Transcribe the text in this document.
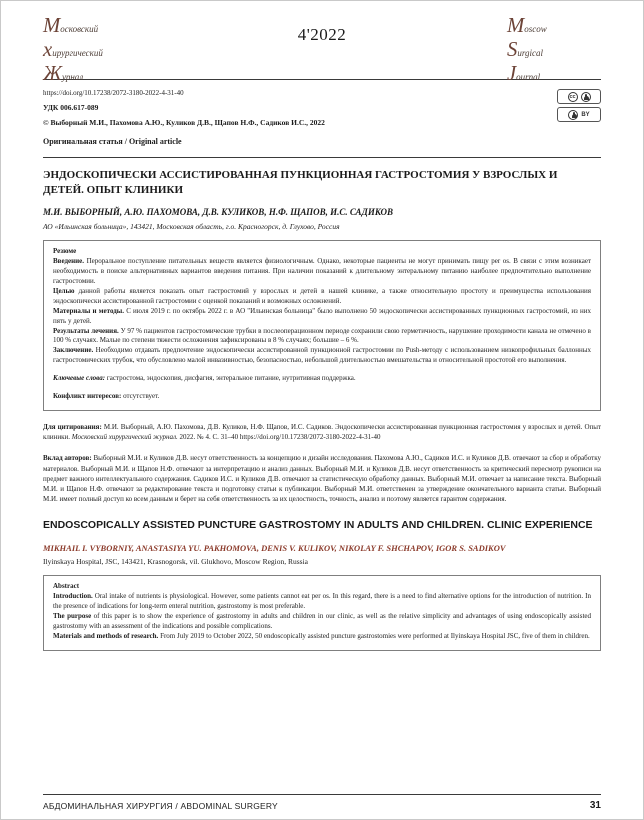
Московский
хирургический
Журнал
4'2022	Moscow
Surgical
Journal
https://doi.org/10.17238/2072-3180-2022-4-31-40
УДК 006.617-089
© Выборный М.И., Пахомова А.Ю., Куликов Д.В., Щапов Н.Ф., Садиков И.С., 2022
Оригинальная статья / Original article
cc
BY
ЭНДОСКОПИЧЕСКИ АССИСТИРОВАННАЯ ПУНКЦИОННАЯ ГАСТРОСТОМИЯ У ВЗРОСЛЫХ И ДЕТЕЙ. ОПЫТ КЛИНИКИ
М.И. ВЫБОРНЫЙ, А.Ю. ПАХОМОВА, Д.В. КУЛИКОВ, Н.Ф. ЩАПОВ, И.С. САДИКОВ
АО «Ильинская больница», 143421, Московская область, г.о. Красногорск, д. Глухово, Россия

Резюме

Введение. Пероральное поступление питательных веществ является физиологичным. Однако, некоторые пациенты не могут принимать пищу per os. В связи с этим возникает необходимость в поиске альтернативных вариантов введения питания. При наличии показаний к длительному энтеральному питанию наиболее предпочтительно выполнение гастростомии.

Целью данной работы является показать опыт гастростомий у взрослых и детей в нашей клинике, а также относительную простоту и преимущества использования эндоскопически ассистированной гастростомии с оценкой показаний и возможных осложнений.

Материалы и методы. С июля 2019 г. по октябрь 2022 г. в АО "Ильинская больница" было выполнено 50 эндоскопически ассистированных пункционных гастростомий, из них пять у детей.

Результаты лечения. У 97 % пациентов гастростомические трубки в послеоперационном периоде сохранили свою герметичность, нарушение проходимости канала не отмечено в 100 % случаях. Малые по степени тяжести осложнения зафиксированы в 8 % случаях; большие – 6 %.

Заключение. Необходимо отдавать предпочтение эндоскопически ассистированной пункционной гастростомии по Push-методу с использованием низкопрофильных баллонных гастростомических трубок, что обусловлено малой инвазивностью, безопасностью, небольшой длительностью вмешательства и относительной простотой его выполнения.

Ключевые слова: гастростома, эндоскопия, дисфагия, энтеральное питание, нутритивная поддержка.

Конфликт интересов: отсутствует.

Для цитирования: М.И. Выборный, А.Ю. Пахомова, Д.В. Куликов, Н.Ф. Щапов, И.С. Садиков. Эндоскопически ассистированная пункционная гастростомия у взрослых и детей. Опыт клиники. Московский хирургический журнал. 2022. № 4. С. 31–40 https://doi.org/10.17238/2072-3180-2022-4-31-40

Вклад авторов: Выборный М.И. и Куликов Д.В. несут ответственность за концепцию и дизайн исследования. Пахомова А.Ю., Садиков И.С. и Куликов Д.В. отвечают за сбор и обработку материалов. Выборный М.И. и Щапов Н.Ф. отвечают за интерпретацию и анализ данных. Выборный М.И. и Куликов Д.В. несут ответственность за критический пересмотр рукописи на предмет важного интеллектуального содержания. Садиков И.С. и Куликов Д.В. отвечают за статистическую обработку данных. Выборный М.И. отвечает за написание текста. Выборный М.И. и Щапов Н.Ф. отвечают за редактирование текста и подготовку статьи к публикации. Выборный М.И. ответственен за утверждение окончательного варианта статьи. Выборный М.И. имеет полный доступ ко всем данным и берет на себя ответственность за их целостность, точность, анализ и поэтому является гарантом содержания.

ENDOSCOPICALLY ASSISTED PUNCTURE GASTROSTOMY IN ADULTS AND CHILDREN. CLINIC EXPERIENCE
MIKHAIL I. VYBORNIY, ANASTASIYA YU. PAKHOMOVA, DENIS V. KULIKOV, NIKOLAY F. SHCHAPOV, IGOR S. SADIKOV
Ilyinskaya Hospital, JSC, 143421, Krasnogorsk, vil. Glukhovo, Moscow Region, Russia

Abstract

Introduction. Oral intake of nutrients is physiological. However, some patients cannot eat per os. In this regard, there is a need to find alternative options for the introduction of nutrition. In the presence of indications for long-term enteral nutrition, gastrostomy is most preferable.

The purpose of this paper is to show the experience of gastrostomy in adults and children in our clinic, as well as the relative simplicity and advantages of using endoscopically assisted gastrostomy with an assessment of the indications and possible complications.

Materials and methods of research. From July 2019 to October 2022, 50 endoscopically assisted puncture gastrostomies were performed at Ilyinskaya Hospital JSC, five of them in children.

АБДОМИНАЛЬНАЯ ХИРУРГИЯ / ABDOMINAL SURGERY	31
